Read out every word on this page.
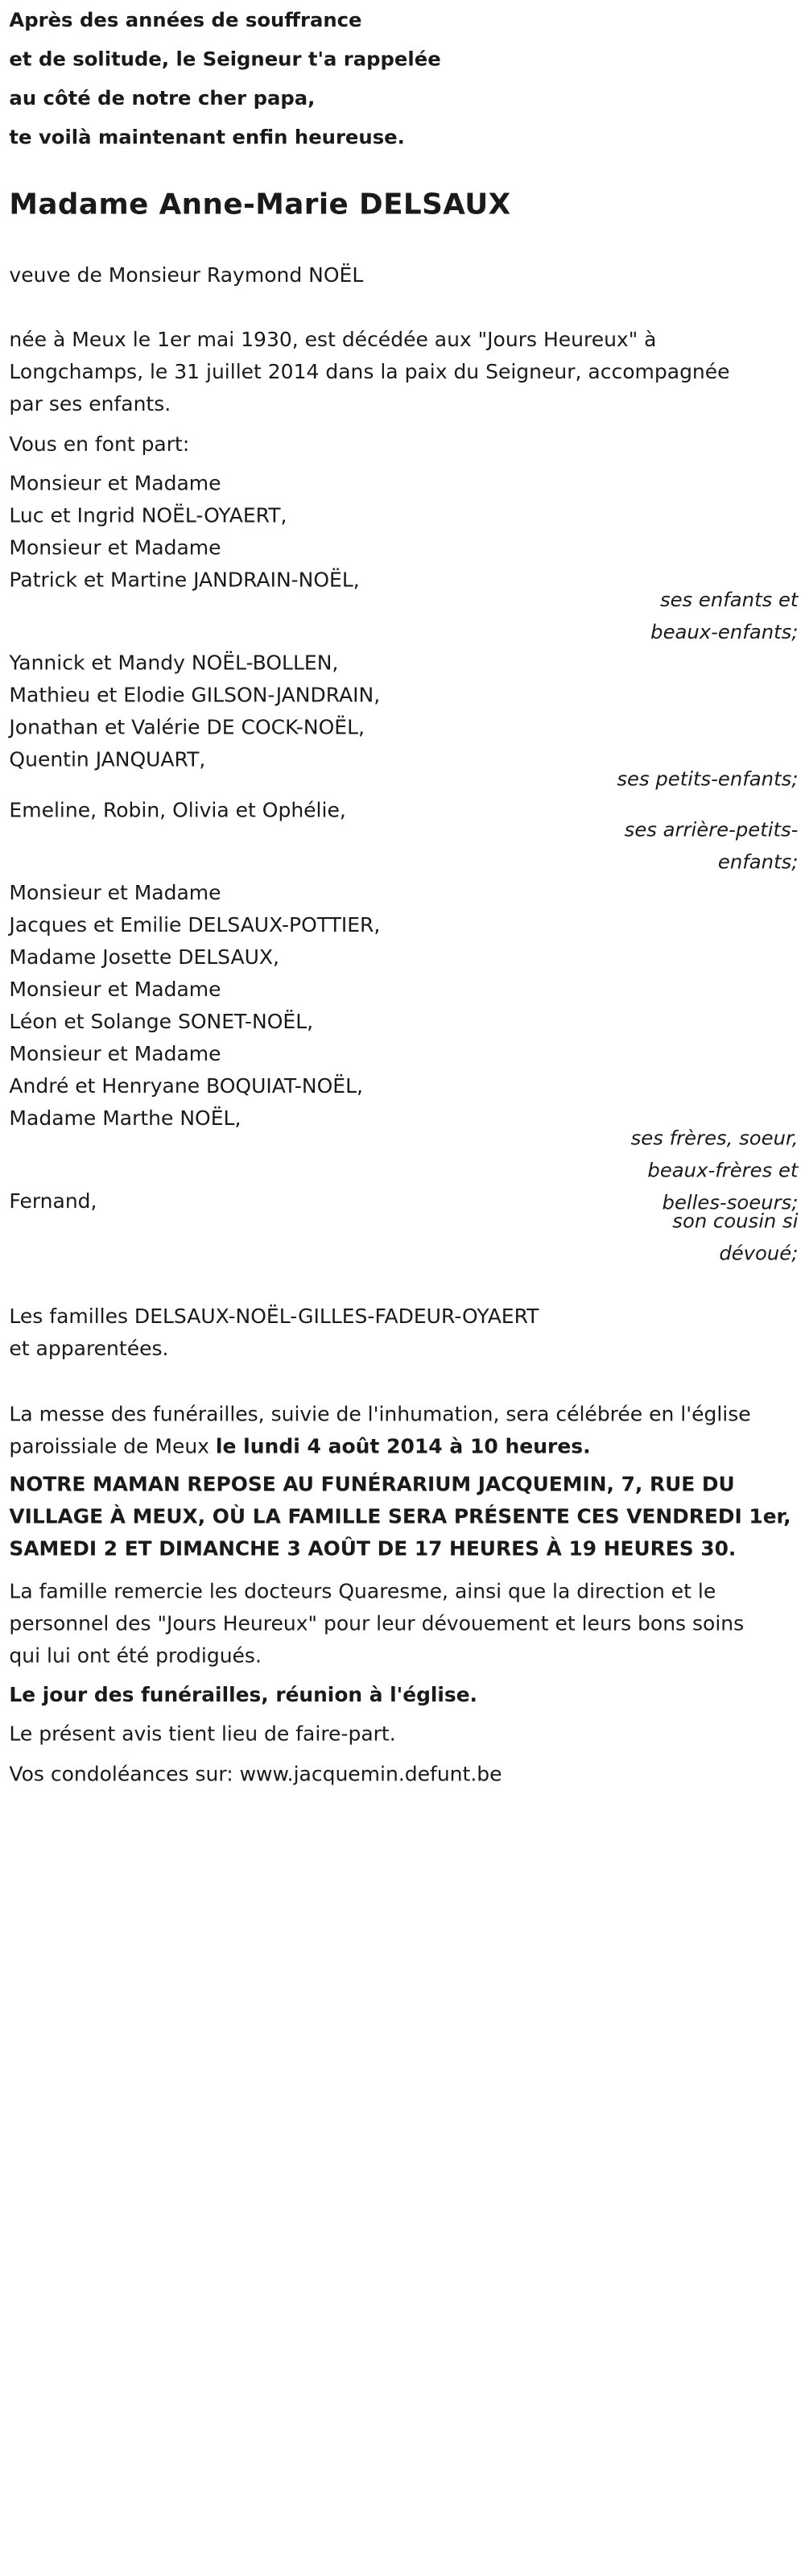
Après des années de souffrance
et de solitude, le Seigneur t'a rappelée
au côté de notre cher papa,
te voilà maintenant enfin heureuse.
Madame Anne-Marie DELSAUX
veuve de Monsieur Raymond NOËL
née à Meux le 1er mai 1930, est décédée aux "Jours Heureux" à
Longchamps, le 31 juillet 2014 dans la paix du Seigneur, accompagnée
par ses enfants.
Vous en font part:
Monsieur et Madame
Luc et Ingrid NOËL-OYAERT,
Monsieur et Madame
Patrick et Martine JANDRAIN-NOËL,
ses enfants et
beaux-enfants;
Yannick et Mandy NOËL-BOLLEN,
Mathieu et Elodie GILSON-JANDRAIN,
Jonathan et Valérie DE COCK-NOËL,
Quentin JANQUART,
ses petits-enfants;
Emeline, Robin, Olivia et Ophélie,
ses arrière-petits-
enfants;
Monsieur et Madame
Jacques et Emilie DELSAUX-POTTIER,
Madame Josette DELSAUX,
Monsieur et Madame
Léon et Solange SONET-NOËL,
Monsieur et Madame
André et Henryane BOQUIAT-NOËL,
Madame Marthe NOËL,
ses frères, soeur,
beaux-frères et
belles-soeurs;
Fernand,
son cousin si
dévoué;
Les familles DELSAUX-NOËL-GILLES-FADEUR-OYAERT
et apparentées.
La messe des funérailles, suivie de l'inhumation, sera célébrée en l'église
paroissiale de Meux le lundi 4 août 2014 à 10 heures.
NOTRE MAMAN REPOSE AU FUNÉRARIUM JACQUEMIN, 7, RUE DU
VILLAGE À MEUX, OÙ LA FAMILLE SERA PRÉSENTE CES VENDREDI 1er,
SAMEDI 2 ET DIMANCHE 3 AOÛT DE 17 HEURES À 19 HEURES 30.
La famille remercie les docteurs Quaresme, ainsi que la direction et le
personnel des "Jours Heureux" pour leur dévouement et leurs bons soins
qui lui ont été prodigués.
Le jour des funérailles, réunion à l'église.
Le présent avis tient lieu de faire-part.
Vos condoléances sur: www.jacquemin.defunt.be
